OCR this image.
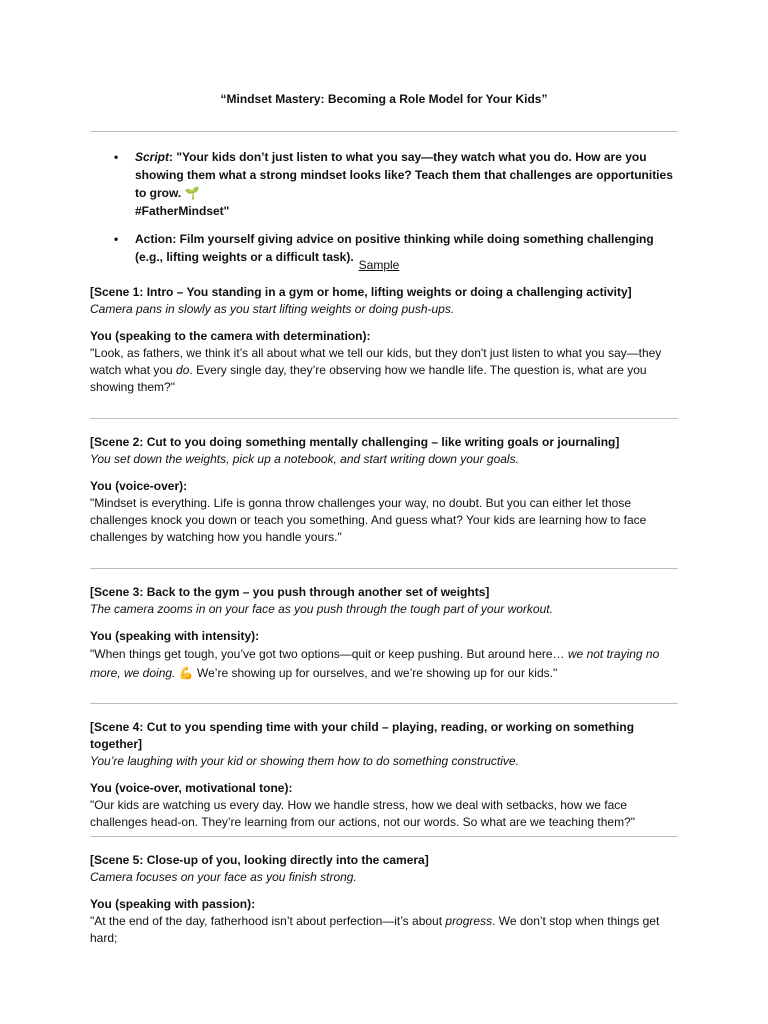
“Mindset Mastery: Becoming a Role Model for Your Kids”
• Script: "Your kids don’t just listen to what you say—they watch what you do. How are you showing them what a strong mindset looks like? Teach them that challenges are opportunities to grow. 🌱
#FatherMindset"
• Action: Film yourself giving advice on positive thinking while doing something challenging (e.g., lifting weights or a difficult task).
Sample
[Scene 1: Intro – You standing in a gym or home, lifting weights or doing a challenging activity]
Camera pans in slowly as you start lifting weights or doing push-ups.
You (speaking to the camera with determination):
"Look, as fathers, we think it’s all about what we tell our kids, but they don't just listen to what you say—they watch what you do. Every single day, they’re observing how we handle life. The question is, what are you showing them?"
[Scene 2: Cut to you doing something mentally challenging – like writing goals or journaling]
You set down the weights, pick up a notebook, and start writing down your goals.
You (voice-over):
"Mindset is everything. Life is gonna throw challenges your way, no doubt. But you can either let those challenges knock you down or teach you something. And guess what? Your kids are learning how to face challenges by watching how you handle yours."
[Scene 3: Back to the gym – you push through another set of weights]
The camera zooms in on your face as you push through the tough part of your workout.
You (speaking with intensity):
"When things get tough, you’ve got two options—quit or keep pushing. But around here… we not traying no more, we doing. 💪 We’re showing up for ourselves, and we’re showing up for our kids."
[Scene 4: Cut to you spending time with your child – playing, reading, or working on something together]
You’re laughing with your kid or showing them how to do something constructive.
You (voice-over, motivational tone):
"Our kids are watching us every day. How we handle stress, how we deal with setbacks, how we face challenges head-on. They’re learning from our actions, not our words. So what are we teaching them?"
[Scene 5: Close-up of you, looking directly into the camera]
Camera focuses on your face as you finish strong.
You (speaking with passion):
"At the end of the day, fatherhood isn’t about perfection—it’s about progress. We don’t stop when things get hard;
